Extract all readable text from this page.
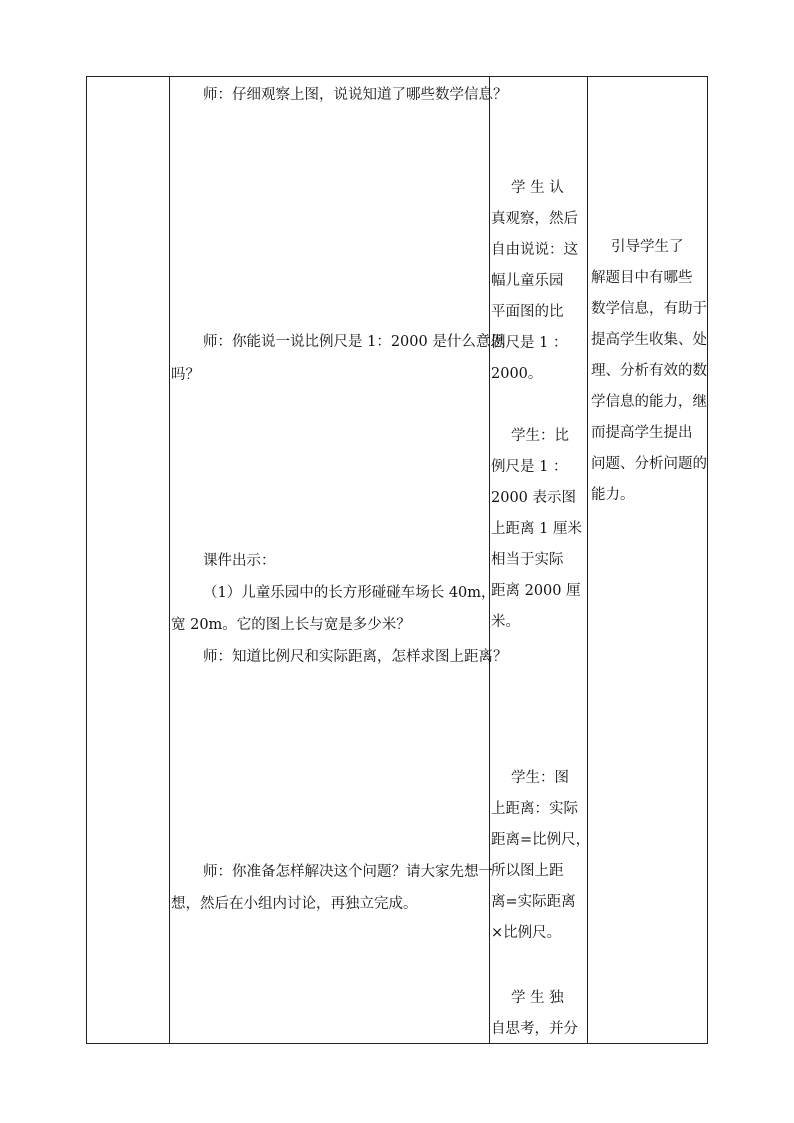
师：仔细观察上图，说说知道了哪些数学信息？
师：你能说一说比例尺是 1：2000 是什么意思
吗？
课件出示：
（1）儿童乐园中的长方形碰碰车场长 40m，
宽 20m。它的图上长与宽是多少米？
师：知道比例尺和实际距离，怎样求图上距离？
师：你准备怎样解决这个问题？请大家先想一
想，然后在小组内讨论，再独立完成。
学 生 认
真观察，然后
自由说说：这
幅儿童乐园
平面图的比
例尺是 1 ：
2000。
学生：比
例尺是 1 ：
2000 表示图
上距离 1 厘米
相当于实际
距离 2000 厘
米。
学生：图
上距离：实际
距离=比例尺，
所以图上距
离=实际距离
×比例尺。
学 生 独
自思考，并分
引导学生了
解题目中有哪些
数学信息，有助于
提高学生收集、处
理、分析有效的数
学信息的能力，继
而提高学生提出
问题、分析问题的
能力。
